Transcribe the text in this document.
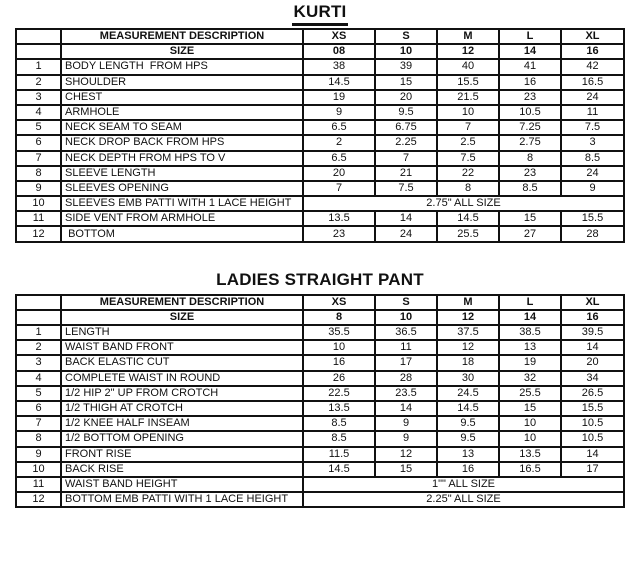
KURTI
	MEASUREMENT DESCRIPTION	XS	S	M	L	XL
	SIZE	08	10	12	14	16
1	BODY LENGTH  FROM HPS	38	39	40	41	42
2	SHOULDER	14.5	15	15.5	16	16.5
3	CHEST	19	20	21.5	23	24
4	ARMHOLE	9	9.5	10	10.5	11
5	NECK SEAM TO SEAM	6.5	6.75	7	7.25	7.5
6	NECK DROP BACK FROM HPS	2	2.25	2.5	2.75	3
7	NECK DEPTH FROM HPS TO V	6.5	7	7.5	8	8.5
8	SLEEVE LENGTH	20	21	22	23	24
9	SLEEVES OPENING	7	7.5	8	8.5	9
10	SLEEVES EMB PATTI WITH 1 LACE HEIGHT	2.75" ALL SIZE				
11	SIDE VENT FROM ARMHOLE	13.5	14	14.5	15	15.5
12	BOTTOM	23	24	25.5	27	28
LADIES STRAIGHT PANT
	MEASUREMENT DESCRIPTION	XS	S	M	L	XL
	SIZE	8	10	12	14	16
1	LENGTH	35.5	36.5	37.5	38.5	39.5
2	WAIST BAND FRONT	10	11	12	13	14
3	BACK ELASTIC CUT	16	17	18	19	20
4	COMPLETE WAIST IN ROUND	26	28	30	32	34
5	1/2 HIP 2" UP FROM CROTCH	22.5	23.5	24.5	25.5	26.5
6	1/2 THIGH AT CROTCH	13.5	14	14.5	15	15.5
7	1/2 KNEE HALF INSEAM	8.5	9	9.5	10	10.5
8	1/2 BOTTOM OPENING	8.5	9	9.5	10	10.5
9	FRONT RISE	11.5	12	13	13.5	14
10	BACK RISE	14.5	15	16	16.5	17
11	WAIST BAND HEIGHT	1"" ALL SIZE				
12	BOTTOM EMB PATTI WITH 1 LACE HEIGHT	2.25" ALL SIZE				
